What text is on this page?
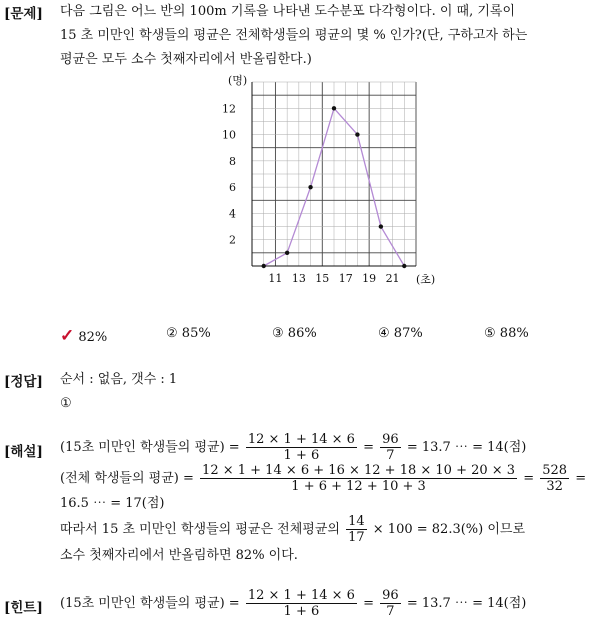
[문제] 다음 그림은 어느 반의 100m 기록을 나타낸 도수분포 다각형이다. 이 때, 기록이
15 초 미만인 학생들의 평균은 전체학생들의 평균의 몇 % 인가?(단, 구하고자 하는
평균은 모두 소수 첫째자리에서 반올림한다.)
11 13 15 17 19 21
2
4
6
8
10
12
(명)
(초)
✓ 82%	② 85%	③ 86%	④ 87%	⑤ 88%
[정답] 순서 : 없음, 갯수 : 1
①
[해설] (15초 미만인 학생들의 평균) = $\frac{12 \times 1 + 14 \times 6}{1 + 6} = \frac{96}{7} = 13.7$ ⋯ = 14(점)
(전체 학생들의 평균) = $\frac{12 \times 1 + 14 \times 6 + 16 \times 12 + 18 \times 10 + 20 \times 3}{1 + 6 + 12 + 10 + 3} = \frac{528}{32}$ =
16.5 ⋯ = 17(점)
따라서 15 초 미만인 학생들의 평균은 전체평균의 $\frac{14}{17} \times 100 = 82.3(\%)$ 이므로
소수 첫째자리에서 반올림하면 82% 이다.
[힌트] (15초 미만인 학생들의 평균) = $\frac{12 \times 1 + 14 \times 6}{1 + 6} = \frac{96}{7} = 13.7$ ⋯ = 14(점)
